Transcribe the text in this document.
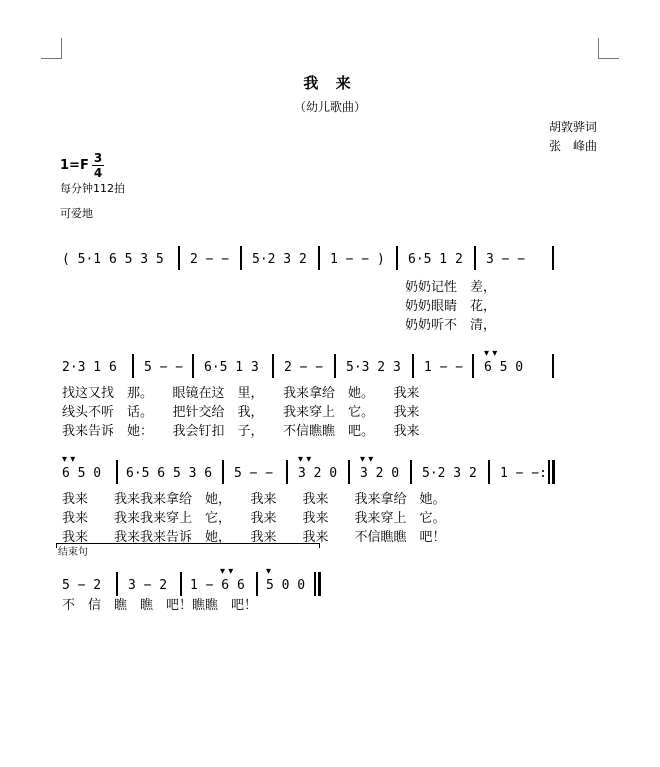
我 来
（幼儿歌曲）
胡敦骅词
张　峰曲
1=F 3
4
每分钟112拍
可爱地
( 5·1 6 5 3 5 2 − − 5·2 3 2 1 − − ) 6·5 1 2 3 − −
奶奶记性　差，
奶奶眼睛　花，
奶奶听不　清，
2·3 1 6 5 − − 6·5 1 3 2 − − 5·3 2 3 1 − − 6 5 0
▾ ▾
找这又找　那。　　眼镜在这　里，　　我来拿给　她。　　我来
线头不听　话。　　把针交给　我，　　我来穿上　它。　　我来
我来告诉　她：　　我会钉扣　子，　　不信瞧瞧　吧。　　我来
6 5 0
▾ ▾
6·5 6 5 3 6 5 − − 3 2 0
▾ ▾
3 2 0
▾ ▾
5·2 3 2 1 − −:
我来　　我来我来拿给　她，　　我来　　我来　　我来拿给　她。
我来　　我来我来穿上　它，　　我来　　我来　　我来穿上　它。
我来　　我来我来告诉　她，　　我来　　我来　　不信瞧瞧　吧！
结束句
5 − 2 3 − 2 1 − 6 6
▾ ▾
5 0 0
▾
不　信　瞧　瞧　吧！瞧瞧　吧！
